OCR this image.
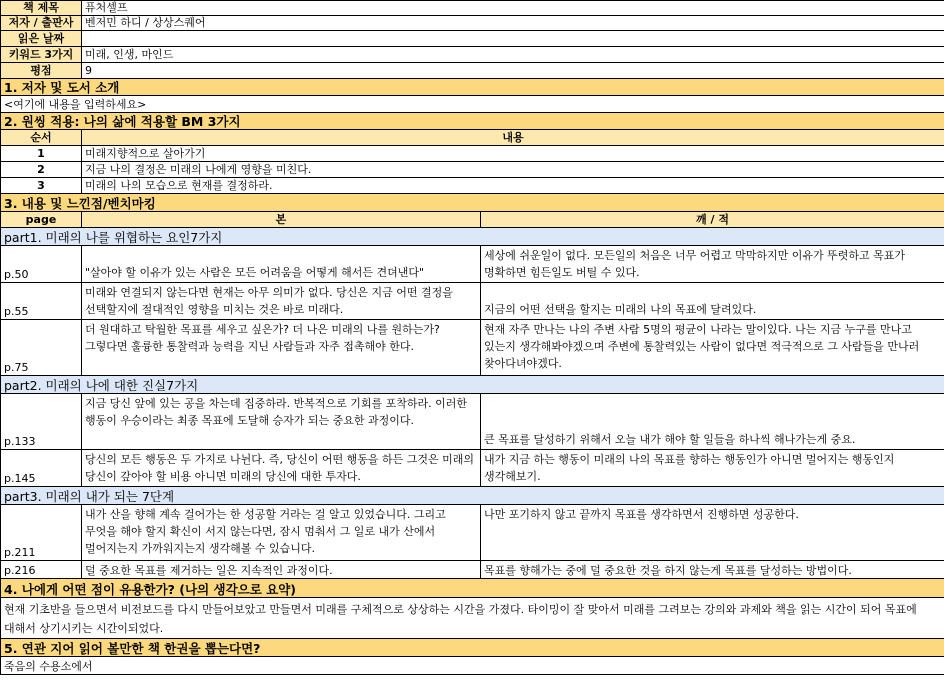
책 제목	퓨처셀프	
저자 / 출판사	벤저민 하디 / 상상스퀘어	
읽은 날짜		
키워드 3가지	미래, 인생, 마인드	
평점	9	
1. 저자 및 도서 소개		
<여기에 내용을 입력하세요>		
2. 원씽 적용: 나의 삶에 적용할 BM 3가지		
순서	내용	
1	미래지향적으로 살아가기	
2	지금 나의 결정은 미래의 나에게 영향을 미친다.	
3	미래의 나의 모습으로 현재를 결정하라.	
3. 내용 및 느낀점/벤치마킹		
page	본	깨 / 적
part1. 미래의 나를 위협하는 요인7가지		
p.50	"살아야 할 이유가 있는 사람은 모든 어려움을 어떻게 해서든 견뎌낸다"	세상에 쉬운일이 없다. 모든일의 처음은 너무 어렵고 막막하지만 이유가 뚜렷하고 목표가 명확하면 힘든일도 버틸 수 있다.
p.55	미래와 연결되지 않는다면 현재는 아무 의미가 없다. 당신은 지금 어떤 결정을 선택할지에 절대적인 영향을 미치는 것은 바로 미래다.	지금의 어떤 선택을 할지는 미래의 나의 목표에 달려있다.
p.75	더 원대하고 탁월한 목표를 세우고 싶은가? 더 나은 미래의 나를 원하는가? 그렇다면 훌륭한 통찰력과 능력을 지닌 사람들과 자주 접촉해야 한다.	현재 자주 만나는 나의 주변 사람 5명의 평균이 나라는 말이있다. 나는 지금 누구를 만나고 있는지 생각해봐야겠으며 주변에 통찰력있는 사람이 없다면 적극적으로 그 사람들을 만나러 찾아다녀야겠다.
part2. 미래의 나에 대한 진실7가지		
p.133	지금 당신 앞에 있는 공을 차는데 집중하라. 반복적으로 기회를 포착하라. 이러한 행동이 우승이라는 최종 목표에 도달해 승자가 되는 중요한 과정이다.	큰 목표를 달성하기 위해서 오늘 내가 해야 할 일들을 하나씩 해나가는게 중요.
p.145	당신의 모든 행동은 두 가지로 나뉜다. 즉, 당신이 어떤 행동을 하든 그것은 미래의 당신이 갚아야 할 비용 아니면 미래의 당신에 대한 투자다.	내가 지금 하는 행동이 미래의 나의 목표를 향하는 행동인가 아니면 멀어지는 행동인지 생각해보기.
part3. 미래의 내가 되는 7단계		
p.211	내가 산을 향해 계속 걸어가는 한 성공할 거라는 걸 알고 있었습니다. 그리고 무엇을 해야 할지 확신이 서지 않는다면, 잠시 멈춰서 그 일로 내가 산에서 멀어지는지 가까워지는지 생각해볼 수 있습니다.	나만 포기하지 않고 끝까지 목표를 생각하면서 진행하면 성공한다.
p.216	덜 중요한 목표를 제거하는 일은 지속적인 과정이다.	목표를 향해가는 중에 덜 중요한 것을 하지 않는게 목표를 달성하는 방법이다.
4. 나에게 어떤 점이 유용한가? (나의 생각으로 요약)		
현재 기초반을 들으면서 비전보드를 다시 만들어보았고 만들면서 미래를 구체적으로 상상하는 시간을 가졌다. 타이밍이 잘 맞아서 미래를 그려보는 강의와 과제와 책을 읽는 시간이 되어 목표에 대해서 상기시키는 시간이되었다.		
5. 연관 지어 읽어 볼만한 책 한권을 뽑는다면?		
죽음의 수용소에서		
